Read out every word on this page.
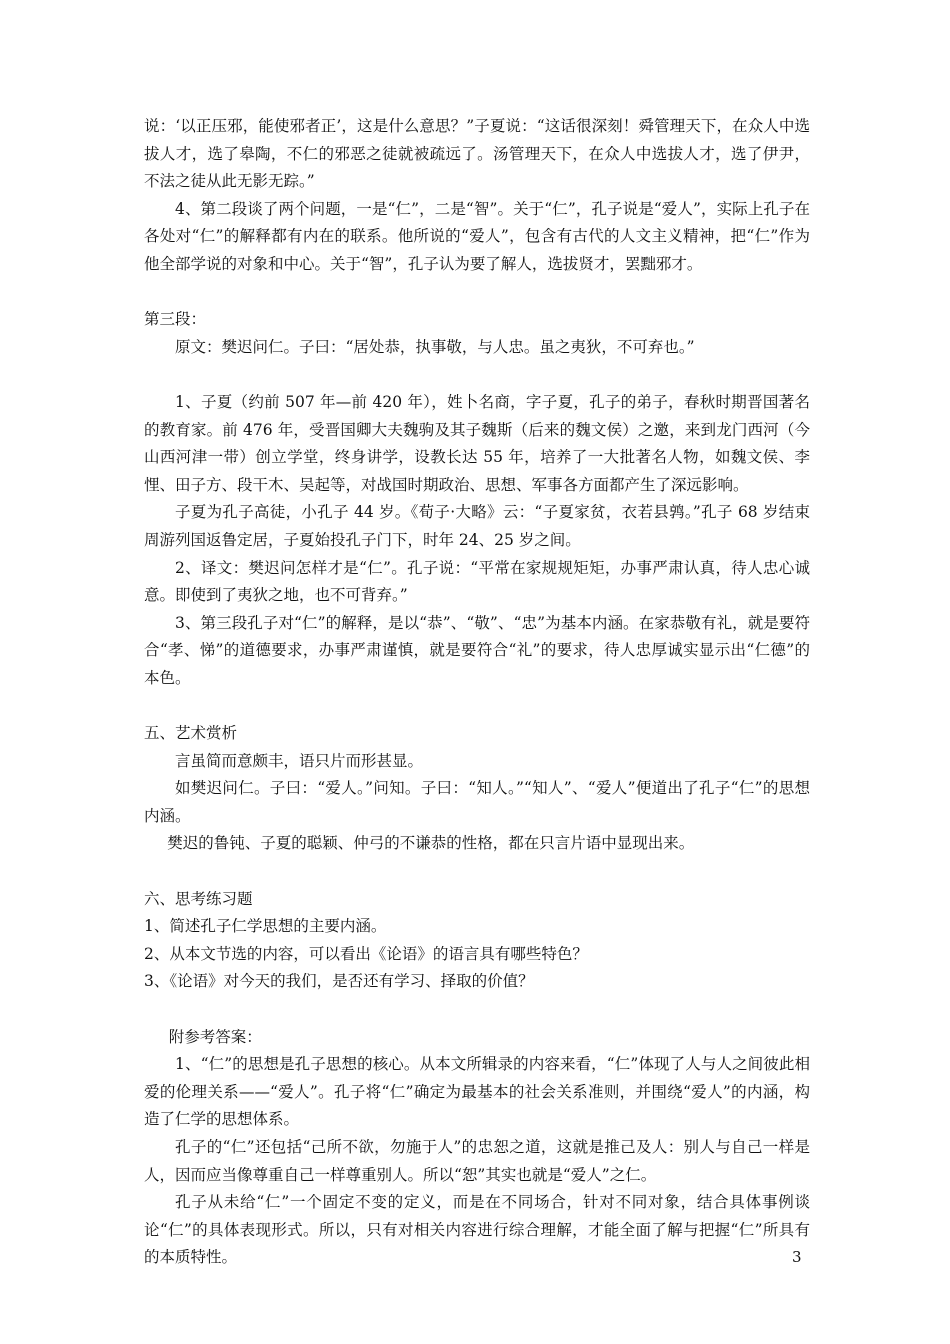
说：‘以正压邪，能使邪者正’，这是什么意思？”子夏说：“这话很深刻！舜管理天下，在众人中选拔人才，选了皋陶，不仁的邪恶之徒就被疏远了。汤管理天下，在众人中选拔人才，选了伊尹，不法之徒从此无影无踪。”

4、第二段谈了两个问题，一是“仁”，二是“智”。关于“仁”，孔子说是“爱人”，实际上孔子在各处对“仁”的解释都有内在的联系。他所说的“爱人”，包含有古代的人文主义精神，把“仁”作为他全部学说的对象和中心。关于“智”，孔子认为要了解人，选拔贤才，罢黜邪才。

第三段：

原文：樊迟问仁。子曰：“居处恭，执事敬，与人忠。虽之夷狄，不可弃也。”

1、子夏（约前 507 年—前 420 年），姓卜名商，字子夏，孔子的弟子，春秋时期晋国著名的教育家。前 476 年，受晋国卿大夫魏驹及其子魏斯（后来的魏文侯）之邀，来到龙门西河（今山西河津一带）创立学堂，终身讲学，设教长达 55 年，培养了一大批著名人物，如魏文侯、李悝、田子方、段干木、吴起等，对战国时期政治、思想、军事各方面都产生了深远影响。

子夏为孔子高徒，小孔子 44 岁。《荀子·大略》云：“子夏家贫，衣若县鹑。”孔子 68 岁结束周游列国返鲁定居，子夏始投孔子门下，时年 24、25 岁之间。

2、译文：樊迟问怎样才是“仁”。孔子说：“平常在家规规矩矩，办事严肃认真，待人忠心诚意。即使到了夷狄之地，也不可背弃。”

3、第三段孔子对“仁”的解释，是以“恭”、“敬”、“忠”为基本内涵。在家恭敬有礼，就是要符合“孝、悌”的道德要求，办事严肃谨慎，就是要符合“礼”的要求，待人忠厚诚实显示出“仁德”的本色。

五、艺术赏析

言虽简而意颇丰，语只片而形甚显。

如樊迟问仁。子曰：“爱人。”问知。子曰：“知人。”“知人”、“爱人”便道出了孔子“仁”的思想内涵。

樊迟的鲁钝、子夏的聪颖、仲弓的不谦恭的性格，都在只言片语中显现出来。

六、思考练习题

1、简述孔子仁学思想的主要内涵。

2、从本文节选的内容，可以看出《论语》的语言具有哪些特色？

3、《论语》对今天的我们，是否还有学习、择取的价值？

附参考答案：

1、“仁”的思想是孔子思想的核心。从本文所辑录的内容来看，“仁”体现了人与人之间彼此相爱的伦理关系——“爱人”。孔子将“仁”确定为最基本的社会关系准则，并围绕“爱人”的内涵，构造了仁学的思想体系。

孔子的“仁”还包括“己所不欲，勿施于人”的忠恕之道，这就是推己及人：别人与自己一样是人，因而应当像尊重自己一样尊重别人。所以“恕”其实也就是“爱人”之仁。

孔子从未给“仁”一个固定不变的定义，而是在不同场合，针对不同对象，结合具体事例谈论“仁”的具体表现形式。所以，只有对相关内容进行综合理解，才能全面了解与把握“仁”所具有的本质特性。	3
